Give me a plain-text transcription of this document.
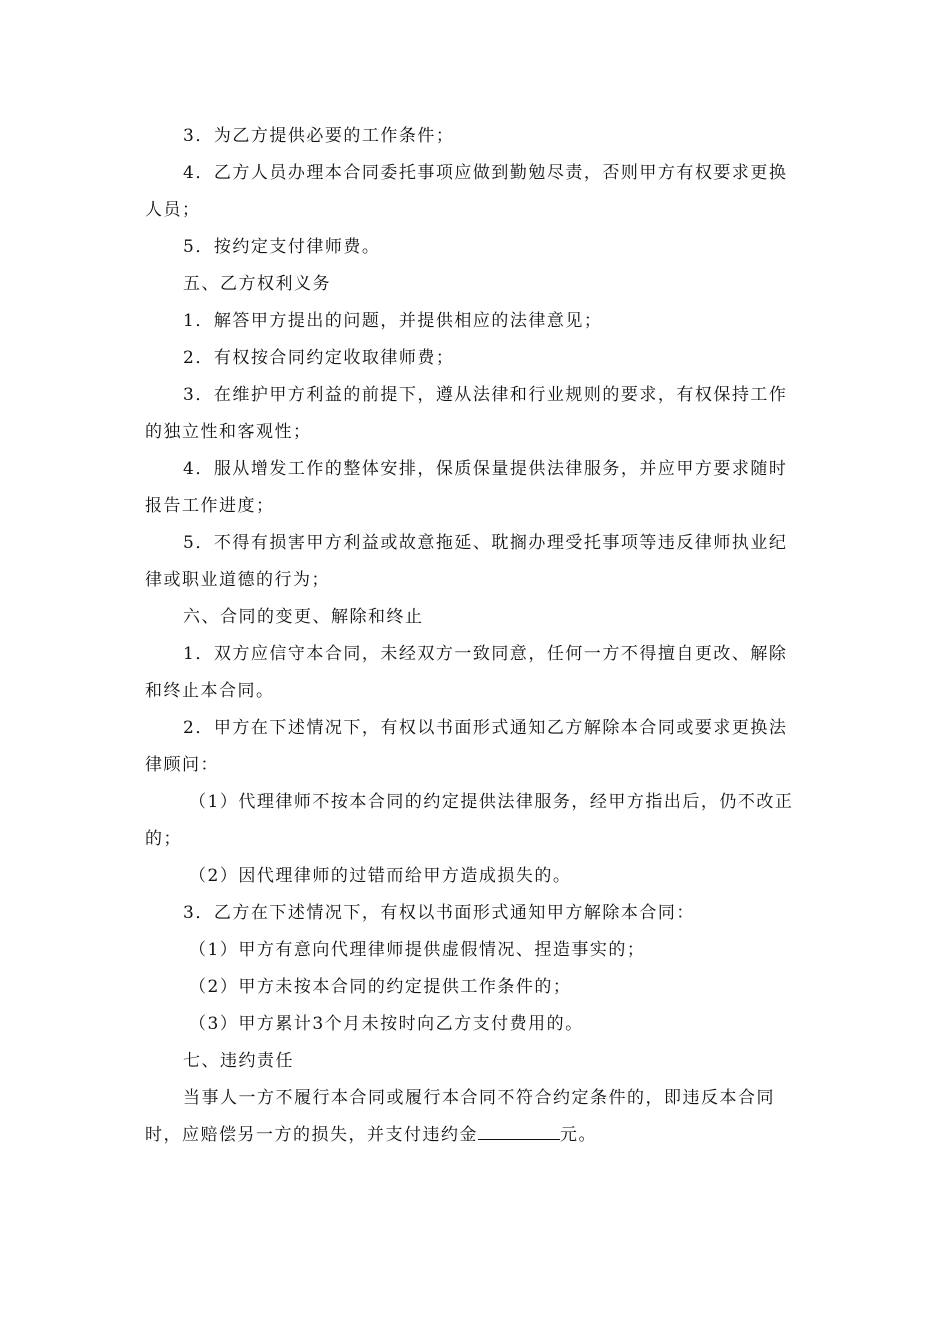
3．为乙方提供必要的工作条件；

4．乙方人员办理本合同委托事项应做到勤勉尽责，否则甲方有权要求更换人员；

5．按约定支付律师费。

五、乙方权利义务

1．解答甲方提出的问题，并提供相应的法律意见；

2．有权按合同约定收取律师费；

3．在维护甲方利益的前提下，遵从法律和行业规则的要求，有权保持工作的独立性和客观性；

4．服从增发工作的整体安排，保质保量提供法律服务，并应甲方要求随时报告工作进度；

5．不得有损害甲方利益或故意拖延、耽搁办理受托事项等违反律师执业纪律或职业道德的行为；

六、合同的变更、解除和终止

1．双方应信守本合同，未经双方一致同意，任何一方不得擅自更改、解除和终止本合同。

2．甲方在下述情况下，有权以书面形式通知乙方解除本合同或要求更换法律顾问：

（1）代理律师不按本合同的约定提供法律服务，经甲方指出后，仍不改正的；

（2）因代理律师的过错而给甲方造成损失的。

3．乙方在下述情况下，有权以书面形式通知甲方解除本合同：

（1）甲方有意向代理律师提供虚假情况、捏造事实的；

（2）甲方未按本合同的约定提供工作条件的；

（3）甲方累计3个月未按时向乙方支付费用的。

七、违约责任

当事人一方不履行本合同或履行本合同不符合约定条件的，即违反本合同时，应赔偿另一方的损失，并支付违约金	元。
